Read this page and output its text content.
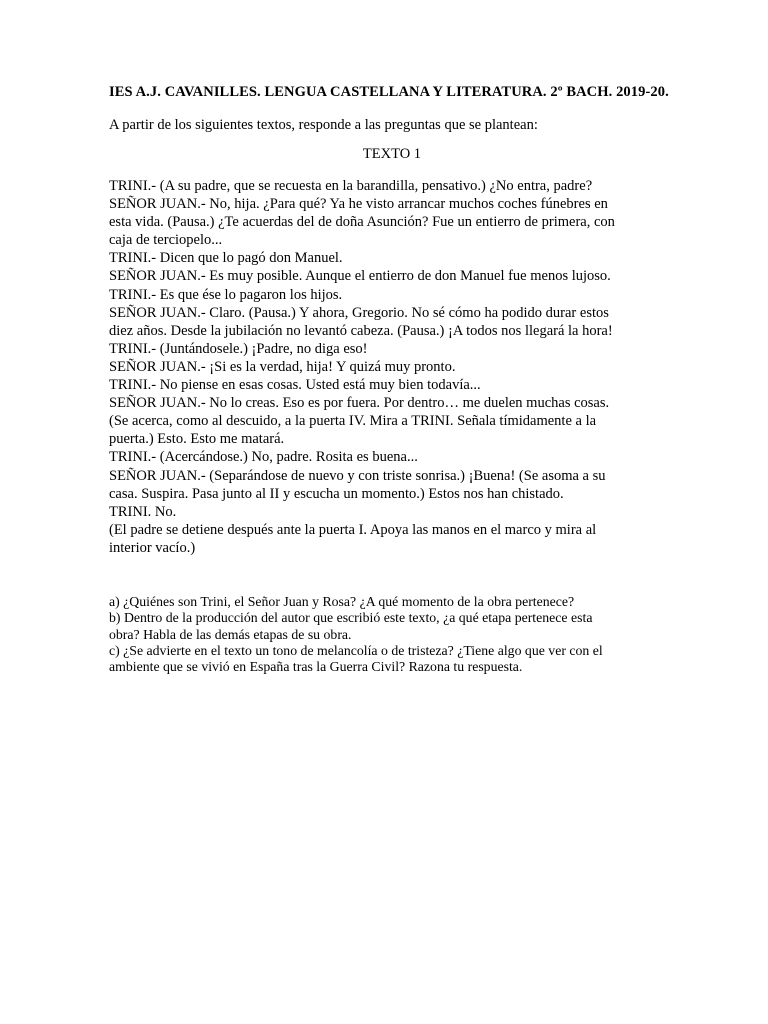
IES A.J. CAVANILLES. LENGUA CASTELLANA Y LITERATURA. 2º BACH. 2019-20.
A partir de los siguientes textos, responde a las preguntas que se plantean:
TEXTO 1
TRINI.- (A su padre, que se recuesta en la barandilla, pensativo.) ¿No entra, padre?
SEÑOR JUAN.- No, hija. ¿Para qué? Ya he visto arrancar muchos coches fúnebres en
esta vida. (Pausa.) ¿Te acuerdas del de doña Asunción? Fue un entierro de primera, con
caja de terciopelo...
TRINI.- Dicen que lo pagó don Manuel.
SEÑOR JUAN.- Es muy posible. Aunque el entierro de don Manuel fue menos lujoso.
TRINI.- Es que ése lo pagaron los hijos.
SEÑOR JUAN.- Claro. (Pausa.) Y ahora, Gregorio. No sé cómo ha podido durar estos
diez años. Desde la jubilación no levantó cabeza. (Pausa.) ¡A todos nos llegará la hora!
TRINI.- (Juntándosele.) ¡Padre, no diga eso!
SEÑOR JUAN.- ¡Si es la verdad, hija! Y quizá muy pronto.
TRINI.- No piense en esas cosas. Usted está muy bien todavía...
SEÑOR JUAN.- No lo creas. Eso es por fuera. Por dentro… me duelen muchas cosas.
(Se acerca, como al descuido, a la puerta IV. Mira a TRINI. Señala tímidamente a la
puerta.) Esto. Esto me matará.
TRINI.- (Acercándose.) No, padre. Rosita es buena...
SEÑOR JUAN.- (Separándose de nuevo y con triste sonrisa.) ¡Buena! (Se asoma a su
casa. Suspira. Pasa junto al II y escucha un momento.) Estos nos han chistado.
TRINI. No.
(El padre se detiene después ante la puerta I. Apoya las manos en el marco y mira al
interior vacío.)
a) ¿Quiénes son Trini, el Señor Juan y Rosa? ¿A qué momento de la obra pertenece?
b) Dentro de la producción del autor que escribió este texto, ¿a qué etapa pertenece esta
obra? Habla de las demás etapas de su obra.
c) ¿Se advierte en el texto un tono de melancolía o de tristeza? ¿Tiene algo que ver con el
ambiente que se vivió en España tras la Guerra Civil? Razona tu respuesta.
